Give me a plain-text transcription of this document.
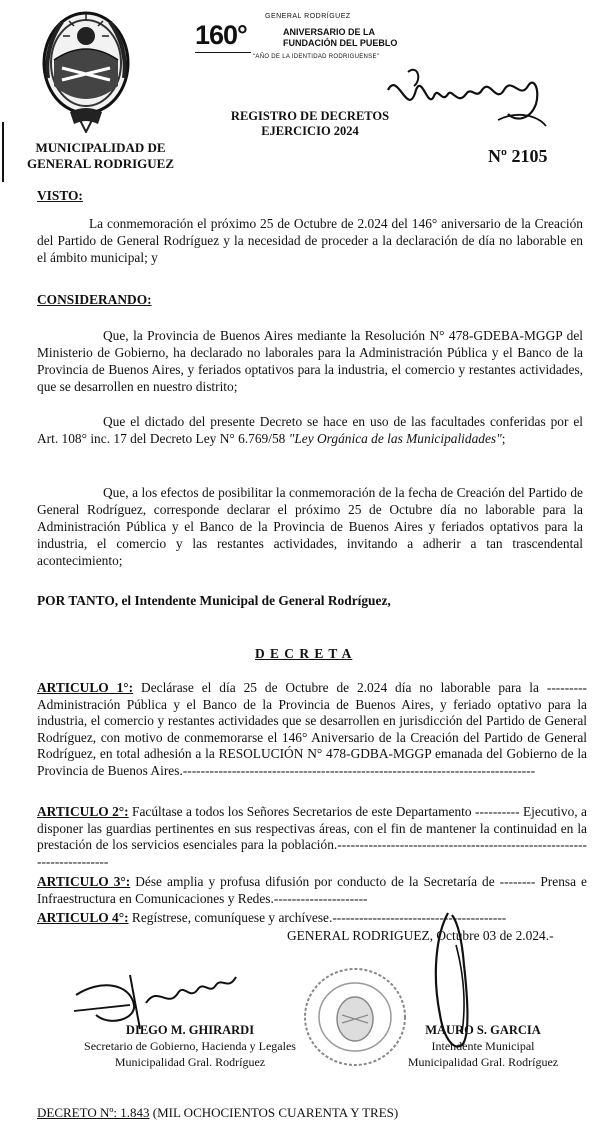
GENERAL RODRÍGUEZ
160°	ANIVERSARIO DE LA
FUNDACIÓN DEL PUEBLO
"AÑO DE LA IDENTIDAD RODRIGUENSE"
REGISTRO DE DECRETOS
EJERCICIO 2024
MUNICIPALIDAD DE
GENERAL RODRIGUEZ	Nº 2105
VISTO:

La conmemoración el próximo 25 de Octubre de 2.024 del 146° aniversario de la Creación del Partido de General Rodríguez y la necesidad de proceder a la declaración de día no laborable en el ámbito municipal; y

CONSIDERANDO:

Que, la Provincia de Buenos Aires mediante la Resolución N° 478-GDEBA-MGGP del Ministerio de Gobierno, ha declarado no laborales para la Administración Pública y el Banco de la Provincia de Buenos Aires, y feriados optativos para la industria, el comercio y restantes actividades, que se desarrollen en nuestro distrito;

Que el dictado del presente Decreto se hace en uso de las facultades conferidas por el Art. 108° inc. 17 del Decreto Ley N° 6.769/58 "Ley Orgánica de las Municipalidades";

Que, a los efectos de posibilitar la conmemoración de la fecha de Creación del Partido de General Rodríguez, corresponde declarar el próximo 25 de Octubre día no laborable para la Administración Pública y el Banco de la Provincia de Buenos Aires y feriados optativos para la industria, el comercio y las restantes actividades, invitando a adherir a tan trascendental acontecimiento;

POR TANTO, el Intendente Municipal de General Rodríguez,
D E C R E T A

ARTICULO 1°: Declárase el día 25 de Octubre de 2.024 día no laborable para la --------- Administración Pública y el Banco de la Provincia de Buenos Aires, y feriado optativo para la industria, el comercio y restantes actividades que se desarrollen en jurisdicción del Partido de General Rodríguez, con motivo de conmemorarse el 146° Aniversario de la Creación del Partido de General Rodríguez, en total adhesión a la RESOLUCIÓN N° 478-GDBA-MGGP emanada del Gobierno de la Provincia de Buenos Aires.-------------------------------------------------------------------------------

ARTICULO 2°: Facúltase a todos los Señores Secretarios de este Departamento ---------- Ejecutivo, a disponer las guardias pertinentes en sus respectivas áreas, con el fin de mantener la continuidad en la prestación de los servicios esenciales para la población.------------------------------------------------------------------------

ARTICULO 3°: Dése amplia y profusa difusión por conducto de la Secretaría de -------- Prensa e Infraestructura en Comunicaciones y Redes.---------------------

ARTICULO 4°: Regístrese, comuníquese y archívese.---------------------------------------

GENERAL RODRIGUEZ, Octubre 03 de 2.024.-
DIEGO M. GHIRARDI
Secretario de Gobierno, Hacienda y Legales
Municipalidad Gral. Rodríguez
MAURO S. GARCIA
Intendente Municipal
Municipalidad Gral. Rodríguez
DECRETO Nº: 1.843 (MIL OCHOCIENTOS CUARENTA Y TRES)
